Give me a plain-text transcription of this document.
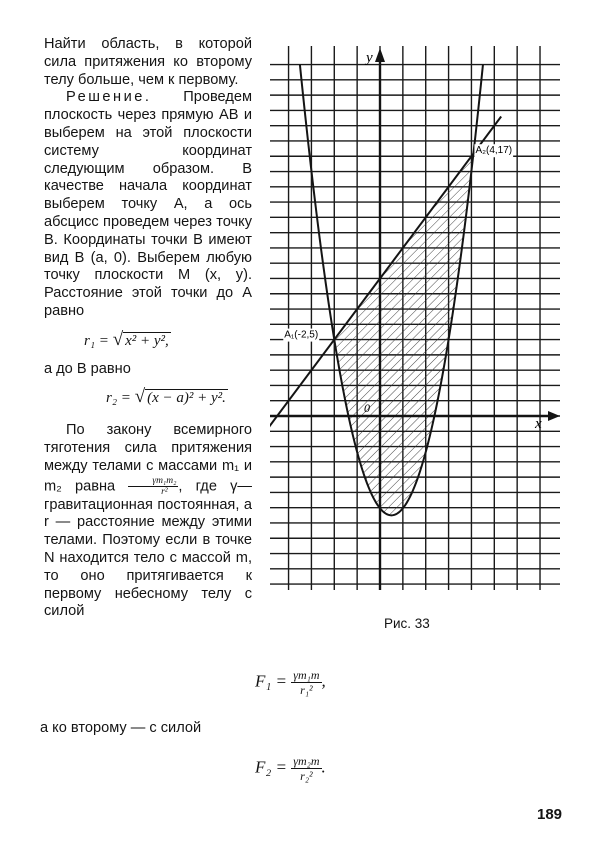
Найти область, в которой сила притяжения ко второму телу больше, чем к первому.

Решение. Проведем плоскость через прямую AB и выберем на этой плоскости систему координат следующим образом. В качестве начала координат выберем точку A, а ось абсцисс проведем через точку B. Координаты точки B имеют вид B (a, 0). Выберем любую точку плоскости M (x, y). Расстояние этой точки до A равно

r₁ = √ x² + y²,

а до B равно

r₂ = √ (x − a)² + y².

По закону всемирного тяготения сила притяжения между телами с массами m₁ и m₂ равна $\frac{\text{γm₁m₂}}{\text{r²}}$ , где γ—гравитационная постоянная, а r — расстояние между этими телами. Поэтому если в точке N находится тело с массой m, то оно притягивается к первому небесному телу с силой

x
y
0
A₁(-2,5)
A₂(4,17)
Рис. 33
$F_1 = \frac{\text{γm₁m}}{\text{r₁²}}$ ,
а ко второму — с силой
$F_2 = \frac{\text{γm₂m}}{\text{r₂²}}$ .
189
